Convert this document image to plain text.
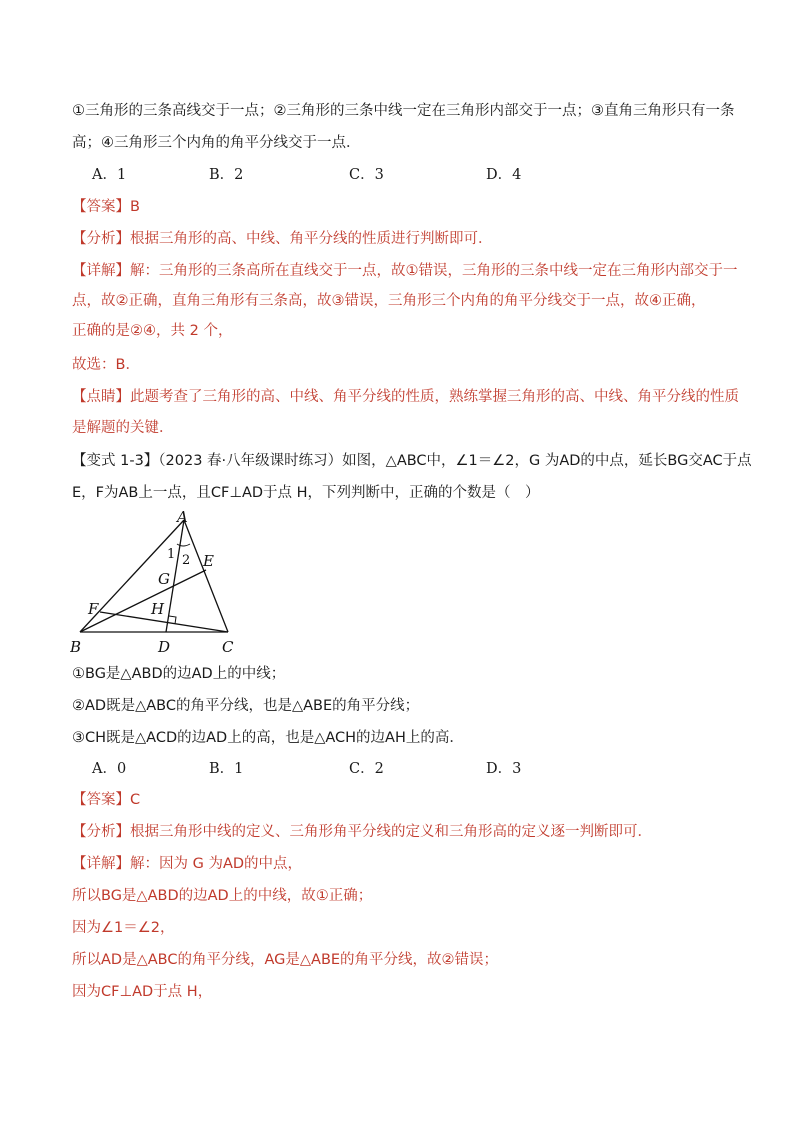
①三角形的三条高线交于一点；②三角形的三条中线一定在三角形内部交于一点；③直角三角形只有一条
高；④三角形三个内角的角平分线交于一点．
A．1	B．2	C．3	D．4
【答案】B
【分析】根据三角形的高、中线、角平分线的性质进行判断即可．
【详解】解：三角形的三条高所在直线交于一点，故①错误，三角形的三条中线一定在三角形内部交于一
点，故②正确，直角三角形有三条高，故③错误，三角形三个内角的角平分线交于一点，故④正确，
正确的是②④，共 2 个，
故选：B．
【点睛】此题考查了三角形的高、中线、角平分线的性质，熟练掌握三角形的高、中线、角平分线的性质
是解题的关键．
【变式 1-3】（2023 春·八年级课时练习）如图，△ABC中，∠1＝∠2，G 为AD的中点，延长BG交AC于点
E，F为AB上一点，且CF⊥AD于点 H，下列判断中，正确的个数是（　）
A
B	C
D
E
F
G
H
1 2
①BG是△ABD的边AD上的中线；
②AD既是△ABC的角平分线，也是△ABE的角平分线；
③CH既是△ACD的边AD上的高，也是△ACH的边AH上的高．
A．0	B．1	C．2	D．3
【答案】C
【分析】根据三角形中线的定义、三角形角平分线的定义和三角形高的定义逐一判断即可．
【详解】解：因为 G 为AD的中点，
所以BG是△ABD的边AD上的中线，故①正确；
因为∠1＝∠2，
所以AD是△ABC的角平分线，AG是△ABE的角平分线，故②错误；
因为CF⊥AD于点 H，
